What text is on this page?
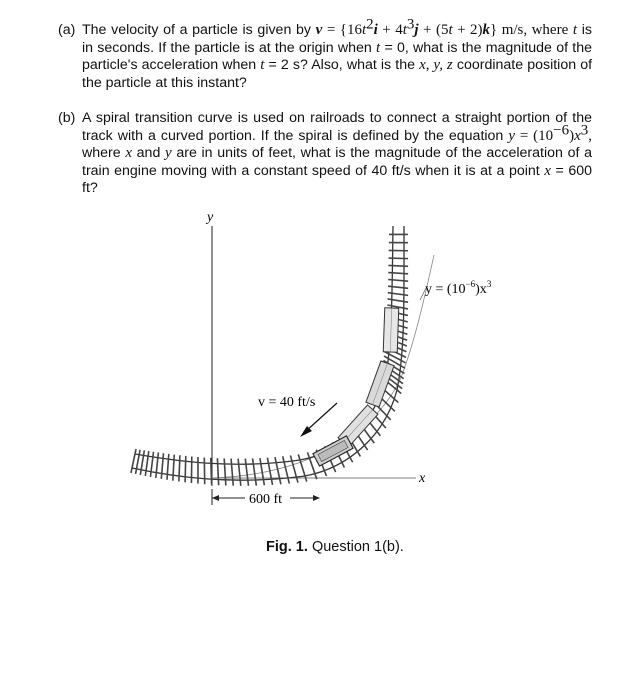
(a) The velocity of a particle is given by $v = \{16t^2i + 4t^3j + (5t + 2)k\}$ m/s, where t is in seconds. If the particle is at the origin when t = 0, what is the magnitude of the particle's acceleration when t = 2 s? Also, what is the x, y, z coordinate position of the particle at this instant?
(b) A spiral transition curve is used on railroads to connect a straight portion of the track with a curved portion. If the spiral is defined by the equation $y = (10^{-6})x^3$, where x and y are in units of feet, what is the magnitude of the acceleration of a train engine moving with a constant speed of 40 ft/s when it is at a point x = 600 ft?
y
x
$y = (10^{-6})x^3$
v = 40 ft/s
600 ft
Fig. 1. Question 1(b).
